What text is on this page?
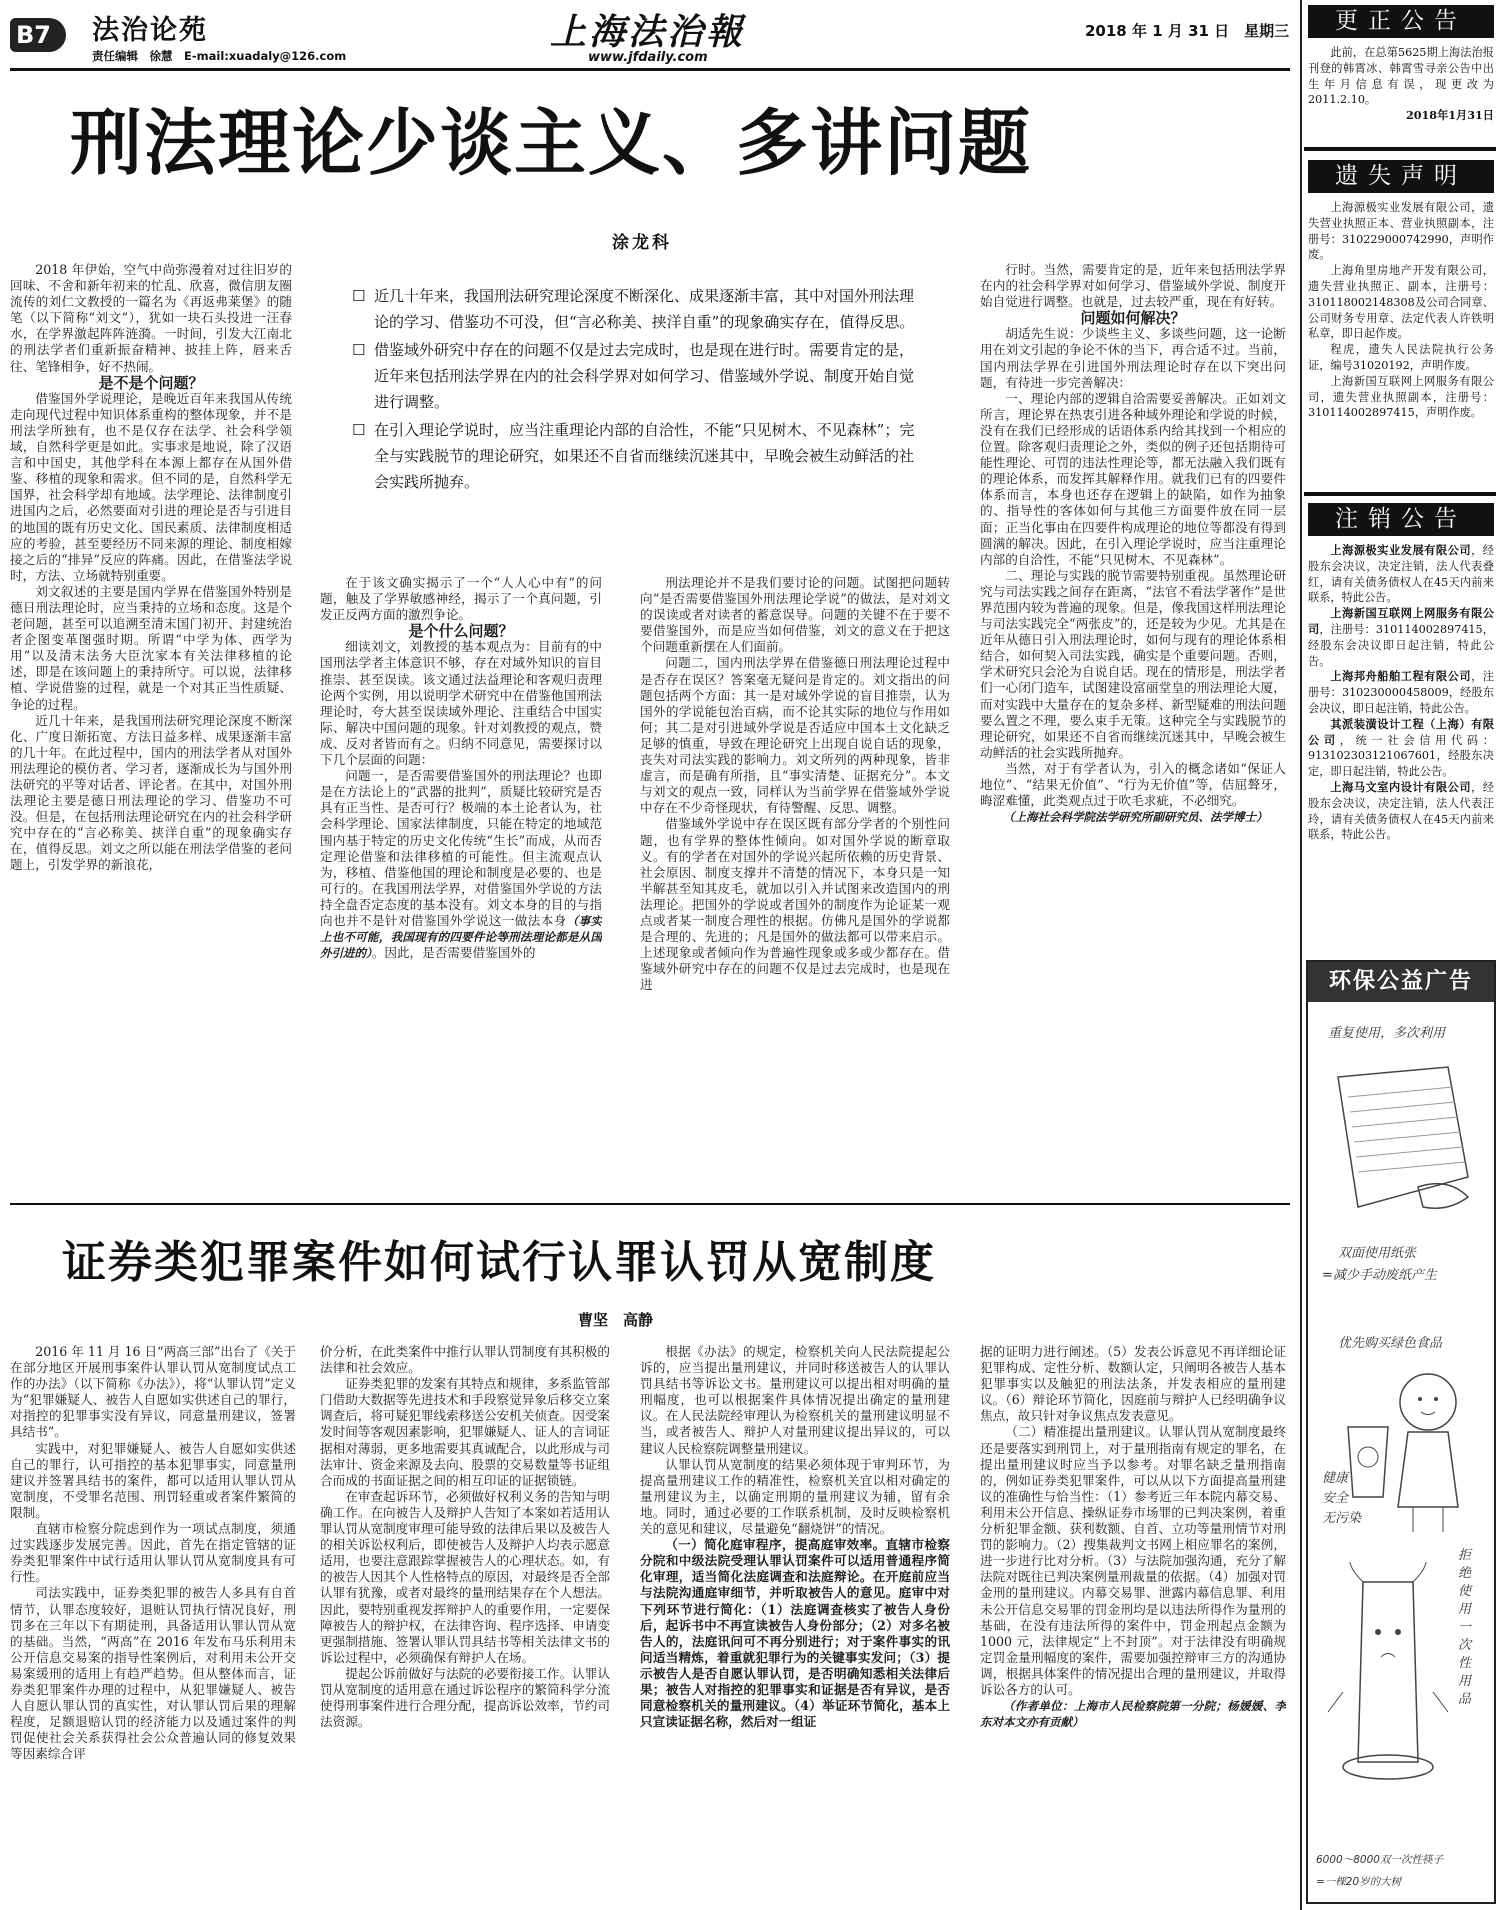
B7	法治论苑
责任编辑　徐慧　E-mail:xuadaly@126.com
上海法治報
www.jfdaily.com
2018 年 1 月 31 日　星期三
刑法理论少谈主义、多讲问题
涂龙科

2018 年伊始，空气中尚弥漫着对过往旧岁的回味、不舍和新年初来的忙乱、欣喜，微信朋友圈流传的刘仁文教授的一篇名为《再返弗莱堡》的随笔（以下简称“刘文”），犹如一块石头投进一汪春水，在学界激起阵阵涟漪。一时间，引发大江南北的刑法学者们重新振奋精神、披挂上阵，唇来舌往、笔锋相争，好不热闹。

是不是个问题？

借鉴国外学说理论，是晚近百年来我国从传统走向现代过程中知识体系重构的整体现象，并不是刑法学所独有，也不是仅存在法学、社会科学领域，自然科学更是如此。实事求是地说，除了汉语言和中国史，其他学科在本源上都存在从国外借鉴、移植的现象和需求。但不同的是，自然科学无国界，社会科学却有地域。法学理论、法律制度引进国内之后，必然要面对引进的理论是否与引进目的地国的既有历史文化、国民素质、法律制度相适应的考验，甚至要经历不同来源的理论、制度相嫁接之后的“排异”反应的阵痛。因此，在借鉴法学说时，方法、立场就特别重要。

刘文叙述的主要是国内学界在借鉴国外特别是德日刑法理论时，应当秉持的立场和态度。这是个老问题，甚至可以追溯至清末国门初开、封建统治者企图变革图强时期。所谓“中学为体、西学为用”以及清末法务大臣沈家本有关法律移植的论述，即是在该问题上的秉持所守。可以说，法律移植、学说借鉴的过程，就是一个对其正当性质疑、争论的过程。

近几十年来，是我国刑法研究理论深度不断深化、广度日渐拓宽、方法日益多样、成果逐渐丰富的几十年。在此过程中，国内的刑法学者从对国外刑法理论的模仿者、学习者，逐渐成长为与国外刑法研究的平等对话者、评论者。在其中，对国外刑法理论主要是德日刑法理论的学习、借鉴功不可没。但是，在包括刑法理论研究在内的社会科学研究中存在的“言必称美、挟洋自重”的现象确实存在，值得反思。刘文之所以能在刑法学借鉴的老问题上，引发学界的新浪花，

☐ 近几十年来，我国刑法研究理论深度不断深化、成果逐渐丰富，其中对国外刑法理论的学习、借鉴功不可没，但“言必称美、挟洋自重”的现象确实存在，值得反思。
☐ 借鉴域外研究中存在的问题不仅是过去完成时，也是现在进行时。需要肯定的是，近年来包括刑法学界在内的社会科学界对如何学习、借鉴域外学说、制度开始自觉进行调整。
☐ 在引入理论学说时，应当注重理论内部的自洽性，不能“只见树木、不见森林”；完全与实践脱节的理论研究，如果还不自省而继续沉迷其中，早晚会被生动鲜活的社会实践所抛弃。

在于该文确实揭示了一个“人人心中有”的问题，触及了学界敏感神经，揭示了一个真问题，引发正反两方面的激烈争论。

是个什么问题？

细读刘文，刘教授的基本观点为：目前有的中国刑法学者主体意识不够，存在对域外知识的盲目推崇、甚至误读。该文通过法益理论和客观归责理论两个实例，用以说明学术研究中在借鉴他国刑法理论时，夸大甚至误读域外理论、注重结合中国实际、解决中国问题的现象。针对刘教授的观点，赞成、反对者皆而有之。归纳不同意见，需要探讨以下几个层面的问题：

问题一，是否需要借鉴国外的刑法理论？也即是在方法论上的“武器的批判”，质疑比较研究是否具有正当性、是否可行？极端的本土论者认为，社会科学理论、国家法律制度，只能在特定的地域范围内基于特定的历史文化传统“生长”而成，从而否定理论借鉴和法律移植的可能性。但主流观点认为，移植、借鉴他国的理论和制度是必要的、也是可行的。在我国刑法学界，对借鉴国外学说的方法持全盘否定态度的基本没有。刘文本身的目的与指向也并不是针对借鉴国外学说这一做法本身（事实上也不可能，我国现有的四要件论等刑法理论都是从国外引进的）。因此，是否需要借鉴国外的

刑法理论并不是我们要讨论的问题。试图把问题转向“是否需要借鉴国外刑法理论学说”的做法，是对刘文的误读或者对读者的蓄意误导。问题的关键不在于要不要借鉴国外，而是应当如何借鉴，刘文的意义在于把这个问题重新摆在人们面前。

问题二，国内刑法学界在借鉴德日刑法理论过程中是否存在误区？答案毫无疑问是肯定的。刘文指出的问题包括两个方面：其一是对域外学说的盲目推崇，认为国外的学说能包治百病，而不论其实际的地位与作用如何；其二是对引进域外学说是否适应中国本土文化缺乏足够的慎重，导致在理论研究上出现自说自话的现象，丧失对司法实践的影响力。刘文所列的两种现象，皆非虚言，而是确有所指，且“事实清楚、证据充分”。本文与刘文的观点一致，同样认为当前学界在借鉴域外学说中存在不少奇怪现状，有待警醒、反思、调整。

借鉴域外学说中存在误区既有部分学者的个别性问题，也有学界的整体性倾向。如对国外学说的断章取义。有的学者在对国外的学说兴起所依赖的历史背景、社会原因、制度支撑并不清楚的情况下，本身只是一知半解甚至知其皮毛，就加以引入并试图来改造国内的刑法理论。把国外的学说或者国外的制度作为论证某一观点或者某一制度合理性的根据。仿佛凡是国外的学说都是合理的、先进的；凡是国外的做法都可以带来启示。上述现象或者倾向作为普遍性现象或多或少都存在。借鉴域外研究中存在的问题不仅是过去完成时，也是现在进

行时。当然，需要肯定的是，近年来包括刑法学界在内的社会科学界对如何学习、借鉴域外学说、制度开始自觉进行调整。也就是，过去较严重，现在有好转。

问题如何解决？

胡适先生说：少谈些主义、多谈些问题，这一论断用在刘文引起的争论不休的当下，再合适不过。当前，国内刑法学界在引进国外刑法理论时存在以下突出问题，有待进一步完善解决：

一、理论内部的逻辑自洽需要妥善解决。正如刘文所言，理论界在热衷引进各种域外理论和学说的时候，没有在我们已经形成的话语体系内给其找到一个相应的位置。除客观归责理论之外，类似的例子还包括期待可能性理论、可罚的违法性理论等，都无法融入我们既有的理论体系，而发挥其解释作用。就我们已有的四要件体系而言，本身也还存在逻辑上的缺陷，如作为抽象的、指导性的客体如何与其他三方面要件放在同一层面；正当化事由在四要件构成理论的地位等都没有得到圆满的解决。因此，在引入理论学说时，应当注重理论内部的自洽性，不能“只见树木、不见森林”。

二、理论与实践的脱节需要特别重视。虽然理论研究与司法实践之间存在距离，“法官不看法学著作”是世界范围内较为普遍的现象。但是，像我国这样刑法理论与司法实践完全“两张皮”的，还是较为少见。尤其是在近年从德日引入刑法理论时，如何与现有的理论体系相结合，如何契入司法实践，确实是个重要问题。否则，学术研究只会沦为自说自话。现在的情形是，刑法学者们一心闭门造车，试图建设富丽堂皇的刑法理论大厦，而对实践中大量存在的复杂多样、新型疑难的刑法问题要么置之不理，要么束手无策。这种完全与实践脱节的理论研究，如果还不自省而继续沉迷其中，早晚会被生动鲜活的社会实践所抛弃。

当然，对于有学者认为，引入的概念诸如“保证人地位”、“结果无价值”、“行为无价值”等，佶屈聱牙，晦涩难懂，此类观点过于吹毛求疵，不必细究。

（上海社会科学院法学研究所副研究员、法学博士）

证券类犯罪案件如何试行认罪认罚从宽制度
曹坚　高静

2016 年 11 月 16 日“两高三部”出台了《关于在部分地区开展刑事案件认罪认罚从宽制度试点工作的办法》（以下简称《办法》），将“认罪认罚”定义为“犯罪嫌疑人、被告人自愿如实供述自己的罪行，对指控的犯罪事实没有异议，同意量刑建议，签署具结书”。

实践中，对犯罪嫌疑人、被告人自愿如实供述自己的罪行，认可指控的基本犯罪事实，同意量刑建议并签署具结书的案件，都可以适用认罪认罚从宽制度，不受罪名范围、刑罚轻重或者案件繁简的限制。

直辖市检察分院虑到作为一项试点制度，须通过实践逐步发展完善。因此，首先在指定管辖的证券类犯罪案件中试行适用认罪认罚从宽制度具有可行性。

司法实践中，证券类犯罪的被告人多具有自首情节，认罪态度较好，退赃认罚执行情况良好，刑罚多在三年以下有期徒刑，具备适用认罪认罚从宽的基础。当然，“两高”在 2016 年发布马乐利用未公开信息交易案的指导性案例后，对利用未公开交易案缓刑的适用上有趋严趋势。但从整体而言，证券类犯罪案件办理的过程中，从犯罪嫌疑人、被告人自愿认罪认罚的真实性，对认罪认罚后果的理解程度，足额退赔认罚的经济能力以及通过案件的判罚促使社会关系获得社会公众普遍认同的修复效果等因素综合评

价分析，在此类案件中推行认罪认罚制度有其积极的法律和社会效应。

证券类犯罪的发案有其特点和规律，多系监管部门借助大数据等先进技术和手段察觉异象后移交立案调查后，将可疑犯罪线索移送公安机关侦查。因受案发时间等客观因素影响，犯罪嫌疑人、证人的言词证据相对薄弱，更多地需要其真诚配合，以此形成与司法审计、资金来源及去向、股票的交易数量等书证组合而成的书面证据之间的相互印证的证据锁链。

在审查起诉环节，必须做好权利义务的告知与明确工作。在向被告人及辩护人告知了本案如若适用认罪认罚从宽制度审理可能导致的法律后果以及被告人的相关诉讼权利后，即使被告人及辩护人均表示愿意适用，也要注意跟踪掌握被告人的心理状态。如，有的被告人因其个人性格特点的原因，对最终是否全部认罪有犹豫，或者对最终的量刑结果存在个人想法。因此，要特别重视发挥辩护人的重要作用，一定要保障被告人的辩护权，在法律咨询、程序选择、申请变更强制措施、签署认罪认罚具结书等相关法律文书的诉讼过程中，必须确保有辩护人在场。

提起公诉前做好与法院的必要衔接工作。认罪认罚从宽制度的适用意在通过诉讼程序的繁简科学分流使得刑事案件进行合理分配，提高诉讼效率，节约司法资源。

根据《办法》的规定，检察机关向人民法院提起公诉的，应当提出量刑建议，并同时移送被告人的认罪认罚具结书等诉讼文书。量刑建议可以提出相对明确的量刑幅度，也可以根据案件具体情况提出确定的量刑建议。在人民法院经审理认为检察机关的量刑建议明显不当，或者被告人、辩护人对量刑建议提出异议的，可以建议人民检察院调整量刑建议。

认罪认罚从宽制度的结果必须体现于审判环节，为提高量刑建议工作的精准性，检察机关宜以相对确定的量刑建议为主，以确定刑期的量刑建议为辅，留有余地。同时，通过必要的工作联系机制，及时反映检察机关的意见和建议，尽量避免“翻烧饼”的情况。

（一）简化庭审程序，提高庭审效率。直辖市检察分院和中级法院受理认罪认罚案件可以适用普通程序简化审理，适当简化法庭调查和法庭辩论。在开庭前应当与法院沟通庭审细节，并听取被告人的意见。庭审中对下列环节进行简化：（1）法庭调查核实了被告人身份后，起诉书中不再宣读被告人身份部分；（2）对多名被告人的，法庭讯问可不再分别进行；对于案件事实的讯问适当精炼，着重就犯罪行为的关键事实发问；（3）提示被告人是否自愿认罪认罚，是否明确知悉相关法律后果；被告人对指控的犯罪事实和证据是否有异议，是否同意检察机关的量刑建议。（4）举证环节简化，基本上只宣读证据名称，然后对一组证

据的证明力进行阐述。（5）发表公诉意见不再详细论证犯罪构成、定性分析、数额认定，只阐明各被告人基本犯罪事实以及触犯的刑法法条，并发表相应的量刑建议。（6）辩论环节简化，因庭前与辩护人已经明确争议焦点，故只针对争议焦点发表意见。

（二）精准提出量刑建议。认罪认罚从宽制度最终还是要落实到刑罚上，对于量刑指南有规定的罪名，在提出量刑建议时应当予以参考。对罪名缺乏量刑指南的，例如证券类犯罪案件，可以从以下方面提高量刑建议的准确性与恰当性：（1）参考近三年本院内幕交易、利用未公开信息、操纵证券市场罪的已判决案例，着重分析犯罪金额、获利数额、自首、立功等量刑情节对刑罚的影响力。（2）搜集裁判文书网上相应罪名的案例，进一步进行比对分析。（3）与法院加强沟通，充分了解法院对既往已判决案例量刑裁量的依据。（4）加强对罚金刑的量刑建议。内幕交易罪、泄露内幕信息罪、利用未公开信息交易罪的罚金刑均是以违法所得作为量刑的基础，在没有违法所得的案件中，罚金刑起点金额为 1000 元，法律规定“上不封顶”。对于法律没有明确规定罚金量刑幅度的案件，需要加强控辩审三方的沟通协调，根据具体案件的情况提出合理的量刑建议，并取得诉讼各方的认可。

（作者单位：上海市人民检察院第一分院；杨媛媛、李东对本文亦有贡献）

更正公告

此前，在总第5625期上海法治报刊登的韩霄冰、韩霄雪寻亲公告中出生年月信息有误，现更改为2011.2.10。

2018年1月31日
遗失声明

上海源极实业发展有限公司，遗失营业执照正本、营业执照副本，注册号：310229000742990，声明作废。

上海角里房地产开发有限公司，遗失营业执照正、副本，注册号：310118002148308及公司合同章、公司财务专用章、法定代表人许铁明私章，即日起作废。

程虎，遗失人民法院执行公务证，编号31020192，声明作废。

上海新国互联网上网服务有限公司，遗失营业执照副本，注册号：310114002897415，声明作废。

注销公告

上海源极实业发展有限公司，经股东会决议，决定注销，法人代表叠红，请有关债务债权人在45天内前来联系，特此公告。

上海新国互联网上网服务有限公司，注册号：310114002897415，经股东会决议即日起注销，特此公告。

上海邦舟船舶工程有限公司，注册号：310230000458009，经股东会决议，即日起注销，特此公告。

其派装潢设计工程（上海）有限公司，统一社会信用代码：913102303121067601，经股东决定，即日起注销，特此公告。

上海马文室内设计有限公司，经股东会决议，决定注销，法人代表汪玲，请有关债务债权人在45天内前来联系，特此公告。

环保公益广告
重复使用，多次利用
双面使用纸张
=减少手动废纸产生
优先购买绿色食品
健康
安全
无污染
拒绝使用一次性用品
6000～8000双一次性筷子
=一棵20岁的大树
